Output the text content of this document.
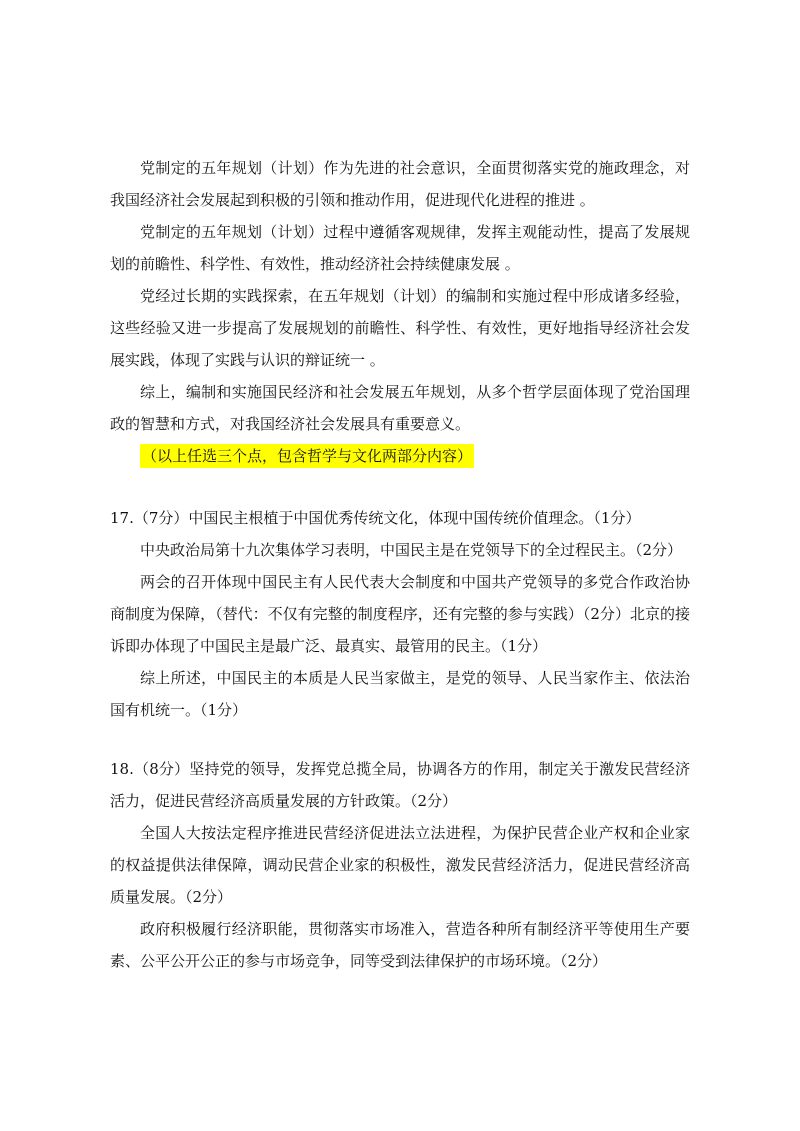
党制定的五年规划（计划）作为先进的社会意识，全面贯彻落实党的施政理念，对我国经济社会发展起到积极的引领和推动作用，促进现代化进程的推进 。

党制定的五年规划（计划）过程中遵循客观规律，发挥主观能动性，提高了发展规划的前瞻性、科学性、有效性，推动经济社会持续健康发展 。

党经过长期的实践探索，在五年规划（计划）的编制和实施过程中形成诸多经验，这些经验又进一步提高了发展规划的前瞻性、科学性、有效性，更好地指导经济社会发展实践，体现了实践与认识的辩证统一 。

综上，编制和实施国民经济和社会发展五年规划，从多个哲学层面体现了党治国理政的智慧和方式，对我国经济社会发展具有重要意义。

（以上任选三个点，包含哲学与文化两部分内容）

17.（7分）中国民主根植于中国优秀传统文化，体现中国传统价值理念。（1分）

中央政治局第十九次集体学习表明，中国民主是在党领导下的全过程民主。（2分）

两会的召开体现中国民主有人民代表大会制度和中国共产党领导的多党合作政治协商制度为保障，（替代：不仅有完整的制度程序，还有完整的参与实践）（2分）北京的接诉即办体现了中国民主是最广泛、最真实、最管用的民主。（1分）

综上所述，中国民主的本质是人民当家做主，是党的领导、人民当家作主、依法治国有机统一。（1分）

18.（8分）坚持党的领导，发挥党总揽全局，协调各方的作用，制定关于激发民营经济活力，促进民营经济高质量发展的方针政策。（2分）

全国人大按法定程序推进民营经济促进法立法进程，为保护民营企业产权和企业家的权益提供法律保障，调动民营企业家的积极性，激发民营经济活力，促进民营经济高质量发展。（2分）

政府积极履行经济职能，贯彻落实市场准入，营造各种所有制经济平等使用生产要素、公平公开公正的参与市场竞争，同等受到法律保护的市场环境。（2分）
